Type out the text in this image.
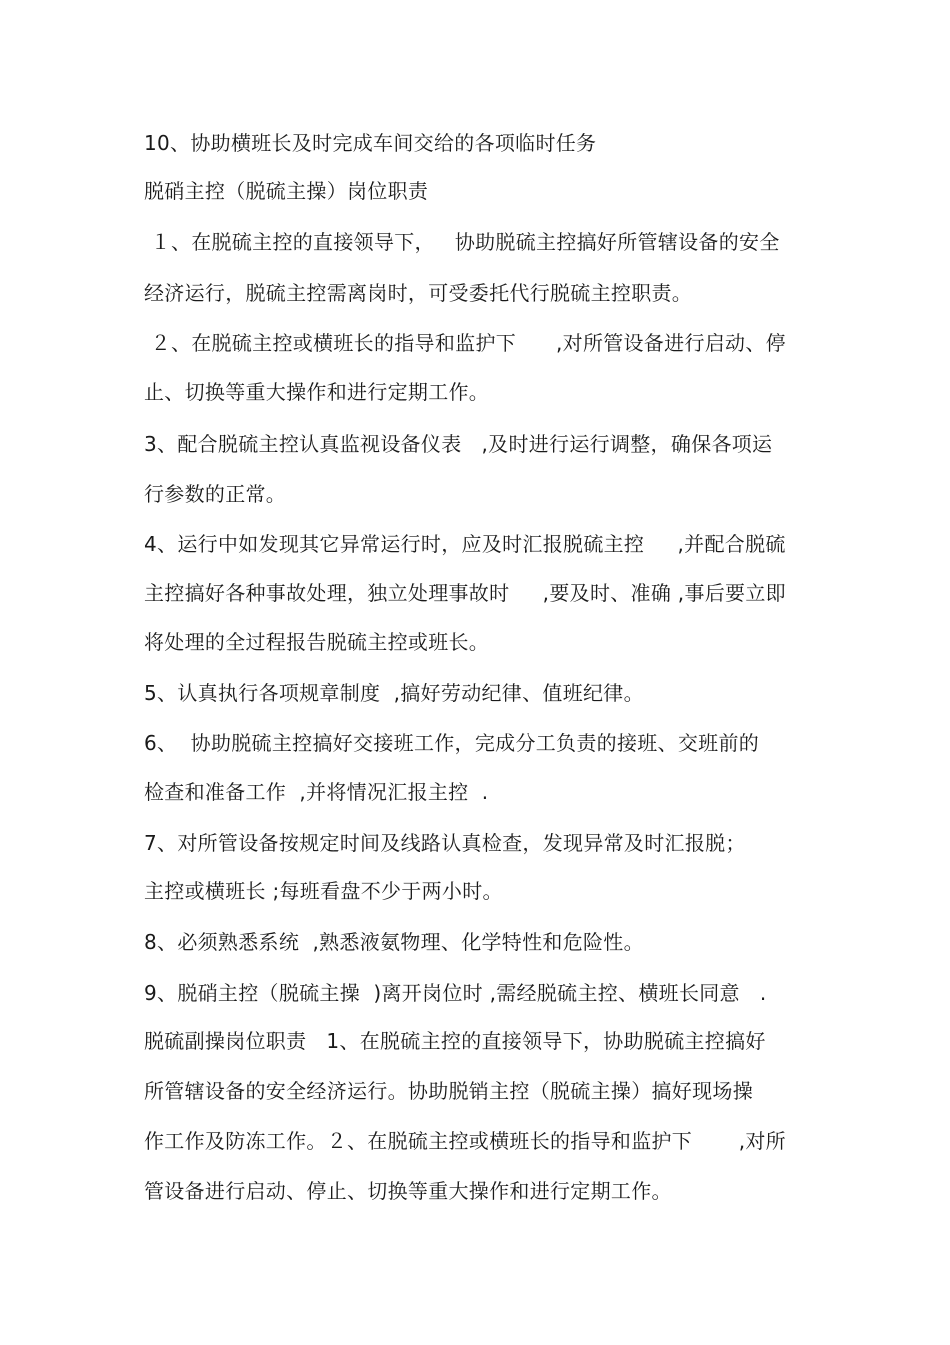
10、协助横班长及时完成车间交给的各项临时任务
脱硝主控（脱硫主操）岗位职责
１、在脱硫主控的直接领导下，   协助脱硫主控搞好所管辖设备的安全
经济运行，脱硫主控需离岗时，可受委托代行脱硫主控职责。
２、在脱硫主控或横班长的指导和监护下      ,对所管设备进行启动、停
止、切换等重大操作和进行定期工作。
3、配合脱硫主控认真监视设备仪表   ,及时进行运行调整，确保各项运
行参数的正常。
4、运行中如发现其它异常运行时，应及时汇报脱硫主控     ,并配合脱硫
主控搞好各种事故处理，独立处理事故时     ,要及时、准确 ,事后要立即
将处理的全过程报告脱硫主控或班长。
5、认真执行各项规章制度  ,搞好劳动纪律、值班纪律。
6、  协助脱硫主控搞好交接班工作，完成分工负责的接班、交班前的
检查和准备工作  ,并将情况汇报主控  .
7、对所管设备按规定时间及线路认真检查，发现异常及时汇报脱；
主控或横班长 ;每班看盘不少于两小时。
8、必须熟悉系统  ,熟悉液氨物理、化学特性和危险性。
9、脱硝主控（脱硫主操  )离开岗位时 ,需经脱硫主控、横班长同意   .
脱硫副操岗位职责   1、在脱硫主控的直接领导下，协助脱硫主控搞好
所管辖设备的安全经济运行。协助脱销主控（脱硫主操）搞好现场操
作工作及防冻工作。２、在脱硫主控或横班长的指导和监护下       ,对所
管设备进行启动、停止、切换等重大操作和进行定期工作。
